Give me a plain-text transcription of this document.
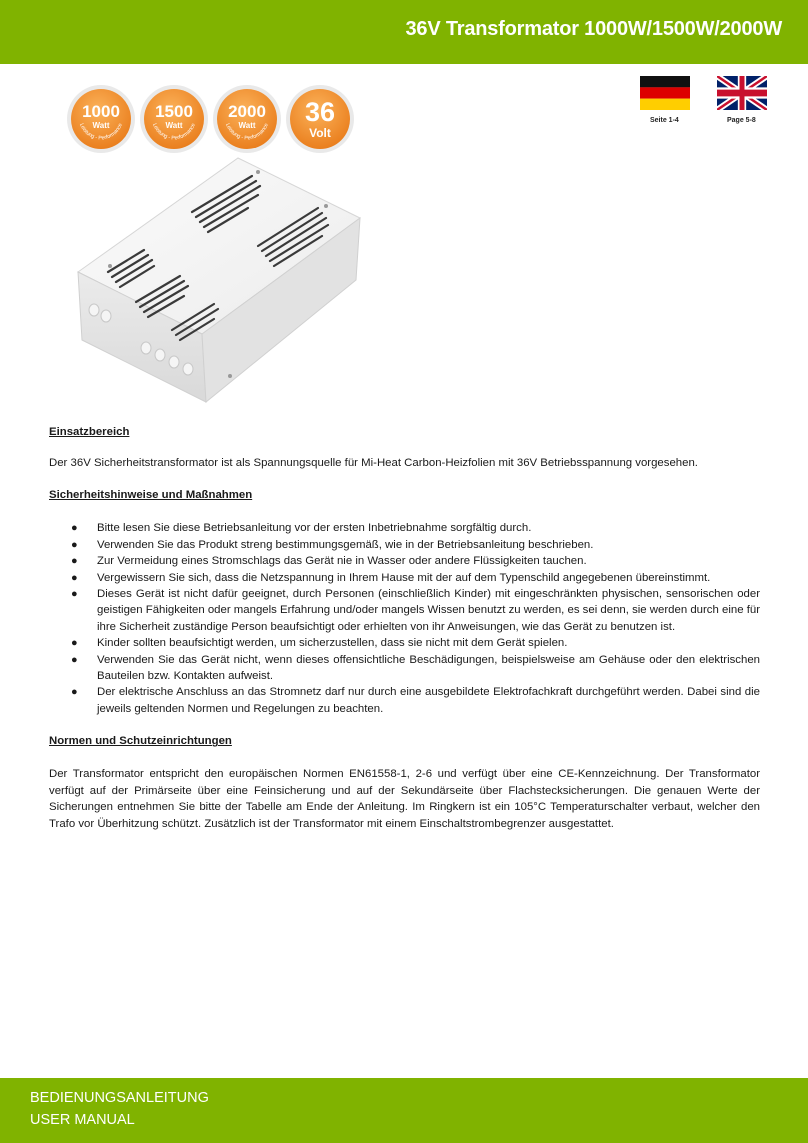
36V Transformator 1000W/1500W/2000W
1000
Watt
Leistung - Performance
1500
Watt
Leistung - Performance
2000
Watt
Leistung - Performance 36
Volt
Seite 1-4	Page 5-8
Einsatzbereich

Der 36V Sicherheitstransformator ist als Spannungsquelle für Mi-Heat Carbon-Heizfolien mit 36V Betriebsspannung vorgesehen.

Sicherheitshinweise und Maßnahmen
● Bitte lesen Sie diese Betriebsanleitung vor der ersten Inbetriebnahme sorgfältig durch.
● Verwenden Sie das Produkt streng bestimmungsgemäß, wie in der Betriebsanleitung beschrieben.
● Zur Vermeidung eines Stromschlags das Gerät nie in Wasser oder andere Flüssigkeiten tauchen.
● Vergewissern Sie sich, dass die Netzspannung in Ihrem Hause mit der auf dem Typenschild angegebenen übereinstimmt.
● Dieses Gerät ist nicht dafür geeignet, durch Personen (einschließlich Kinder) mit eingeschränkten physischen, sensorischen oder geistigen Fähigkeiten oder mangels Erfahrung und/oder mangels Wissen benutzt zu werden, es sei denn, sie werden durch eine für ihre Sicherheit zuständige Person beaufsichtigt oder erhielten von ihr Anweisungen, wie das Gerät zu benutzen ist.
● Kinder sollten beaufsichtigt werden, um sicherzustellen, dass sie nicht mit dem Gerät spielen.
● Verwenden Sie das Gerät nicht, wenn dieses offensichtliche Beschädigungen, beispielsweise am Gehäuse oder den elektrischen Bauteilen bzw. Kontakten aufweist.
● Der elektrische Anschluss an das Stromnetz darf nur durch eine ausgebildete Elektrofachkraft durchgeführt werden. Dabei sind die jeweils geltenden Normen und Regelungen zu beachten.
Normen und Schutzeinrichtungen

Der Transformator entspricht den europäischen Normen EN61558-1, 2-6 und verfügt über eine CE-Kennzeichnung. Der Transformator verfügt auf der Primärseite über eine Feinsicherung und auf der Sekundärseite über Flachstecksicherungen. Die genauen Werte der Sicherungen entnehmen Sie bitte der Tabelle am Ende der Anleitung. Im Ringkern ist ein 105°C Temperaturschalter verbaut, welcher den Trafo vor Überhitzung schützt. Zusätzlich ist der Transformator mit einem Einschaltstrombegrenzer ausgestattet.

BEDIENUNGSANLEITUNG
USER MANUAL
